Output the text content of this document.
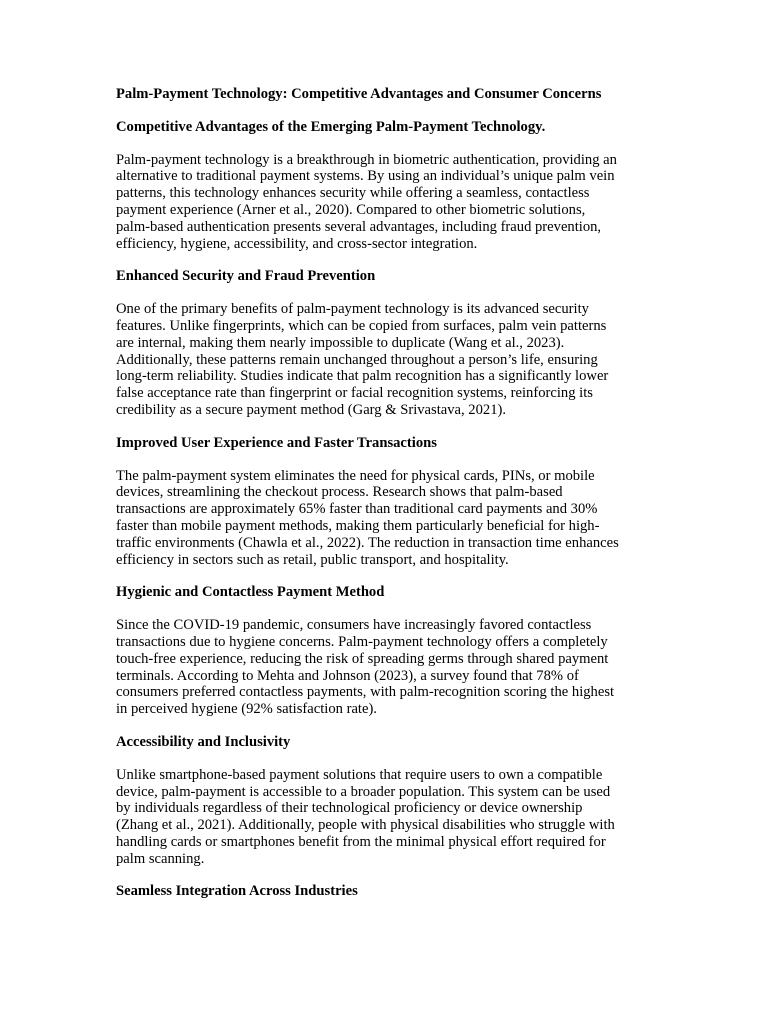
Palm-Payment Technology: Competitive Advantages and Consumer Concerns

Competitive Advantages of the Emerging Palm-Payment Technology.

Palm-payment technology is a breakthrough in biometric authentication, providing an
alternative to traditional payment systems. By using an individual’s unique palm vein
patterns, this technology enhances security while offering a seamless, contactless
payment experience (Arner et al., 2020). Compared to other biometric solutions,
palm-based authentication presents several advantages, including fraud prevention,
efficiency, hygiene, accessibility, and cross-sector integration.

Enhanced Security and Fraud Prevention

One of the primary benefits of palm-payment technology is its advanced security
features. Unlike fingerprints, which can be copied from surfaces, palm vein patterns
are internal, making them nearly impossible to duplicate (Wang et al., 2023).
Additionally, these patterns remain unchanged throughout a person’s life, ensuring
long-term reliability. Studies indicate that palm recognition has a significantly lower
false acceptance rate than fingerprint or facial recognition systems, reinforcing its
credibility as a secure payment method (Garg & Srivastava, 2021).

Improved User Experience and Faster Transactions

The palm-payment system eliminates the need for physical cards, PINs, or mobile
devices, streamlining the checkout process. Research shows that palm-based
transactions are approximately 65% faster than traditional card payments and 30%
faster than mobile payment methods, making them particularly beneficial for high-
traffic environments (Chawla et al., 2022). The reduction in transaction time enhances
efficiency in sectors such as retail, public transport, and hospitality.

Hygienic and Contactless Payment Method

Since the COVID-19 pandemic, consumers have increasingly favored contactless
transactions due to hygiene concerns. Palm-payment technology offers a completely
touch-free experience, reducing the risk of spreading germs through shared payment
terminals. According to Mehta and Johnson (2023), a survey found that 78% of
consumers preferred contactless payments, with palm-recognition scoring the highest
in perceived hygiene (92% satisfaction rate).

Accessibility and Inclusivity

Unlike smartphone-based payment solutions that require users to own a compatible
device, palm-payment is accessible to a broader population. This system can be used
by individuals regardless of their technological proficiency or device ownership
(Zhang et al., 2021). Additionally, people with physical disabilities who struggle with
handling cards or smartphones benefit from the minimal physical effort required for
palm scanning.

Seamless Integration Across Industries
